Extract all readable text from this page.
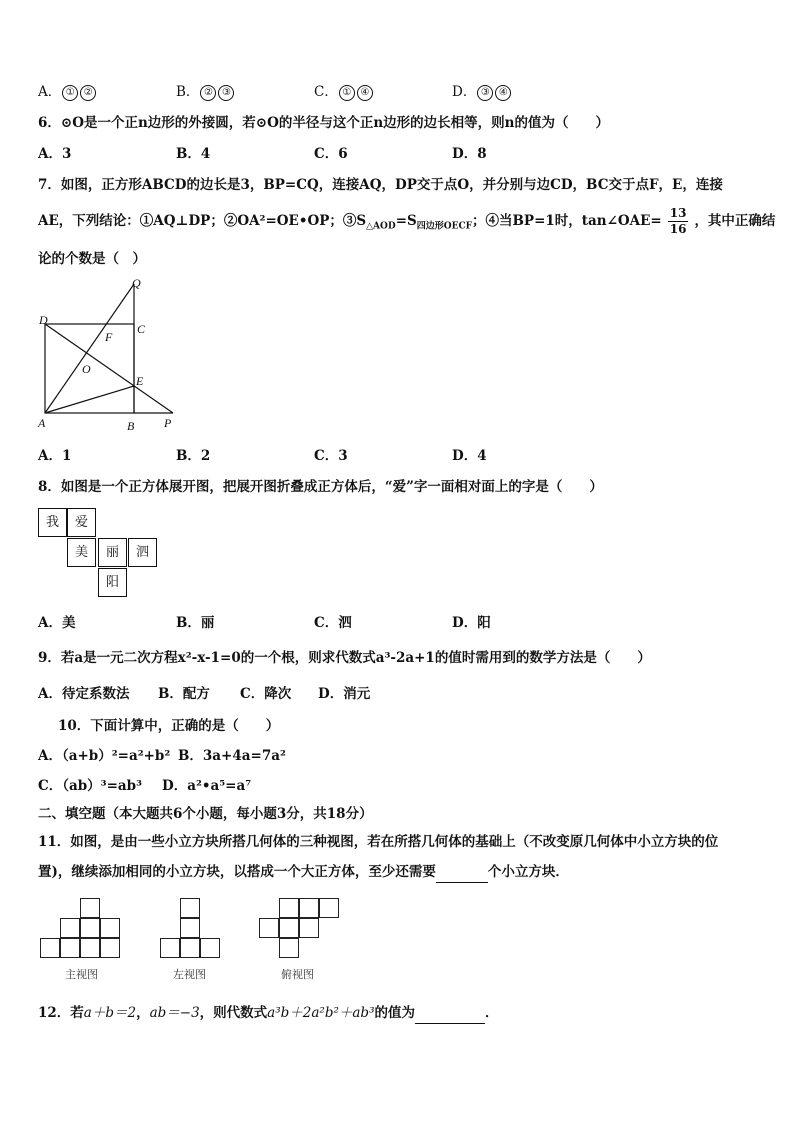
A． ① ②	B． ② ③	C． ① ④	D． ③ ④
6．⊙O是一个正n边形的外接圆，若⊙O的半径与这个正n边形的边长相等，则n的值为（　　）
A．3	B．4	C．6	D．8
7．如图，正方形ABCD的边长是3，BP=CQ，连接AQ，DP交于点O，并分别与边CD，BC交于点F，E，连接
AE，下列结论：①AQ⊥DP；②OA²=OE•OP；$③S_{\triangle AOD}=S_{四边形OECF}$；④当BP=1时，tan∠OAE= $\frac{13}{16}$ ，其中正确结
论的个数是（　）
Q
D
C
F
O
E
A	B P
A．1	B．2	C．3	D．4
8．如图是一个正方体展开图，把展开图折叠成正方体后，“爱”字一面相对面上的字是（　　）
我	爱
美	丽	泗
阳
A．美	B．丽	C．泗	D．阳
9．若a是一元二次方程x²-x-1=0的一个根，则求代数式a³-2a+1的值时需用到的数学方法是（　　）
A．待定系数法 B．配方 C．降次 D．消元
10．下面计算中，正确的是（　　）
A．（a+b）²=a²+b² B．3a+4a=7a²
C．（ab）³=ab³ D．a²•a⁵=a⁷
二、填空题（本大题共6个小题，每小题3分，共18分）
11．如图，是由一些小立方块所搭几何体的三种视图，若在所搭几何体的基础上（不改变原几何体中小立方块的位
置)，继续添加相同的小立方块，以搭成一个大正方体，至少还需要	个小立方块．
主视图	左视图	俯视图
12．若a＋b＝2，ab＝−3，则代数式a³b＋2a²b²＋ab³的值为	．
